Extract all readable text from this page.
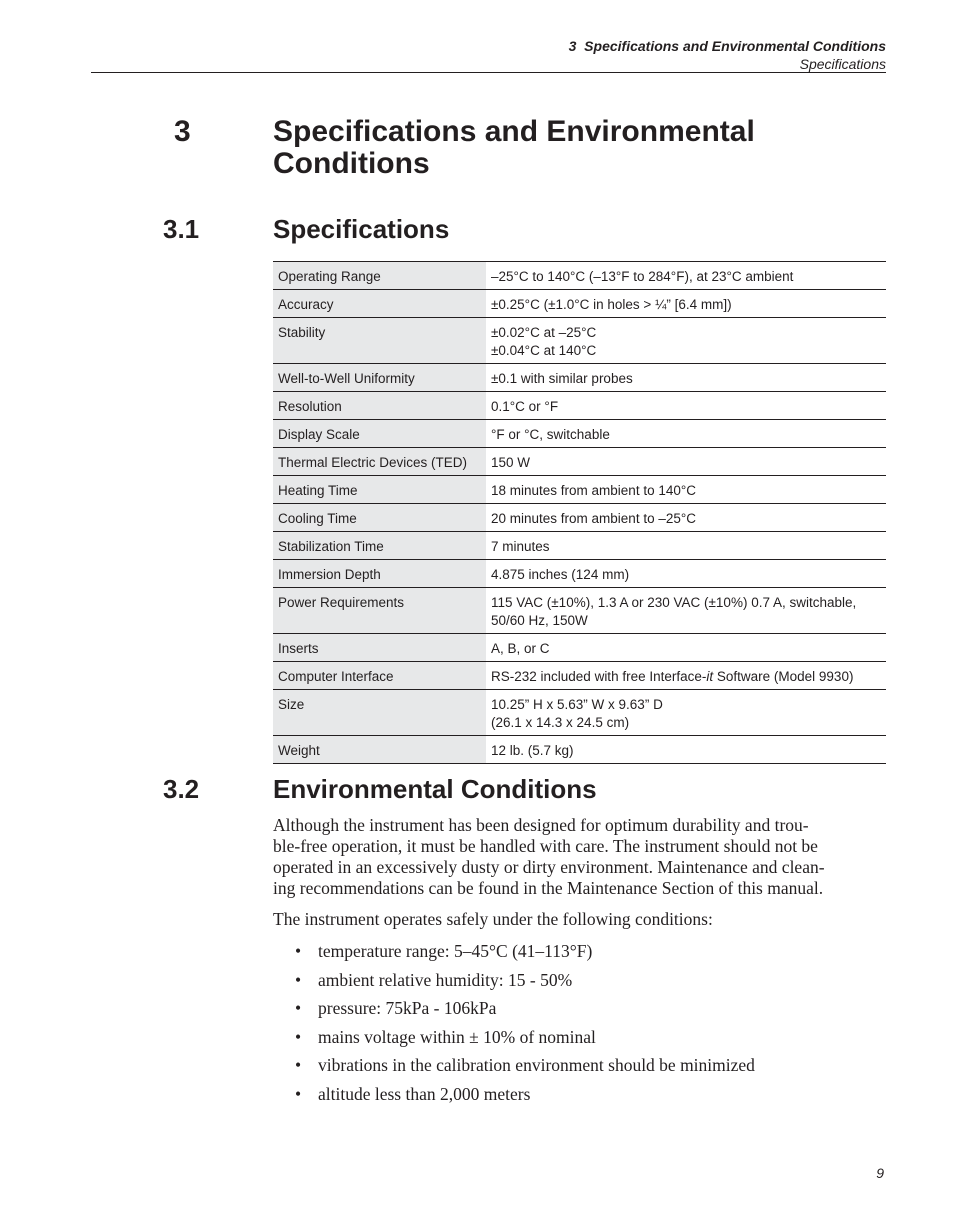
3  Specifications and Environmental Conditions
Specifications
3	Specifications and Environmental Conditions
3.1	Specifications
Operating Range	–25°C to 140°C (–13°F to 284°F), at 23°C ambient
Accuracy	±0.25°C (±1.0°C in holes > ¼” [6.4 mm])
Stability	±0.02°C at –25°C
±0.04°C at 140°C
Well-to-Well Uniformity	±0.1 with similar probes
Resolution	0.1°C or °F
Display Scale	°F or °C, switchable
Thermal Electric Devices (TED)	150 W
Heating Time	18 minutes from ambient to 140°C
Cooling Time	20 minutes from ambient to –25°C
Stabilization Time	7 minutes
Immersion Depth	4.875 inches (124 mm)
Power Requirements	115 VAC (±10%), 1.3 A or 230 VAC (±10%) 0.7 A, switchable, 50/60 Hz, 150W
Inserts	A, B, or C
Computer Interface	RS-232 included with free Interface-it Software (Model 9930)
Size	10.25” H x 5.63” W x 9.63” D
(26.1 x 14.3 x 24.5 cm)
Weight	12 lb. (5.7 kg)
3.2	Environmental Conditions
Although the instrument has been designed for optimum durability and trou-
ble-free operation, it must be handled with care. The instrument should not be
operated in an excessively dusty or dirty environment. Maintenance and clean-
ing recommendations can be found in the Maintenance Section of this manual.
The instrument operates safely under the following conditions:
• temperature range: 5–45°C (41–113°F)
• ambient relative humidity: 15 - 50%
• pressure: 75kPa - 106kPa
• mains voltage within ± 10% of nominal
• vibrations in the calibration environment should be minimized
• altitude less than 2,000 meters
9
